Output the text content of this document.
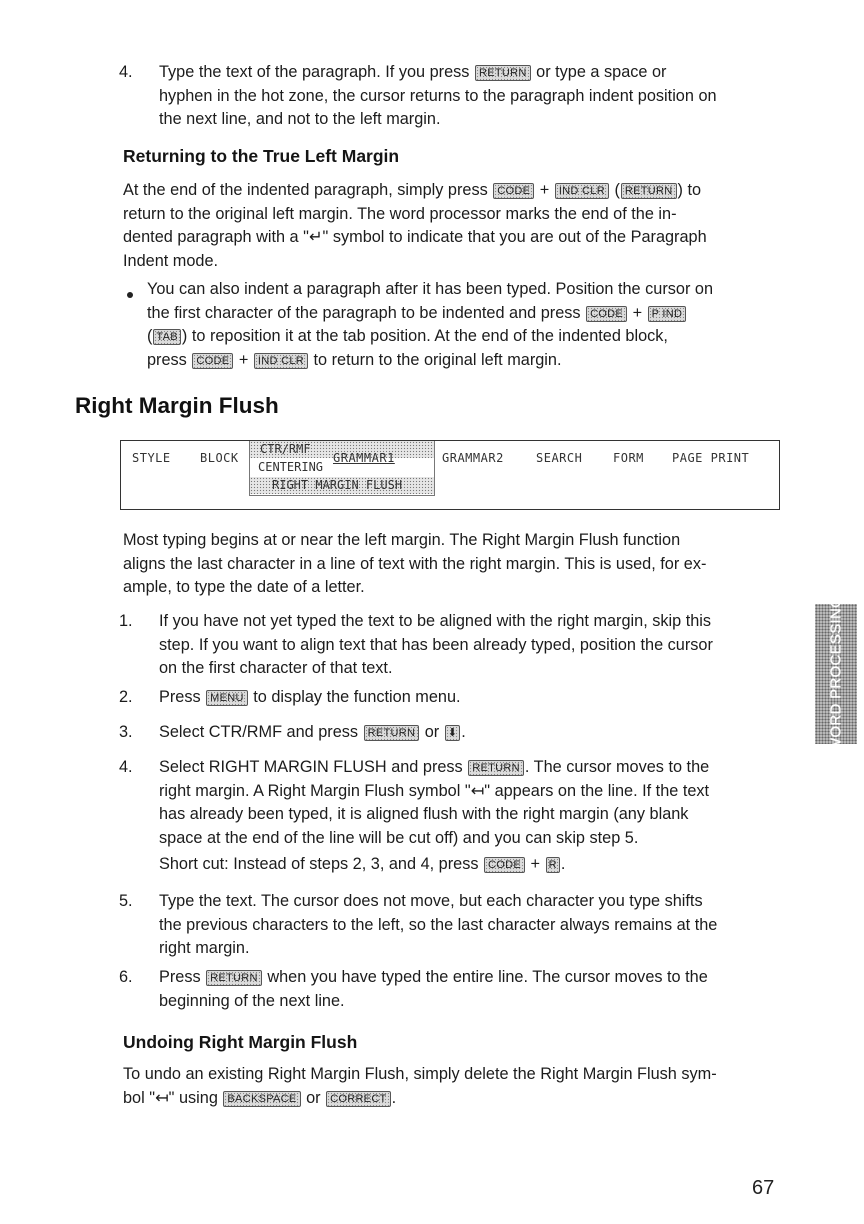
4. Type the text of the paragraph. If you press RETURN or type a space or
hyphen in the hot zone, the cursor returns to the paragraph indent position on
the next line, and not to the left margin.
Returning to the True Left Margin
At the end of the indented paragraph, simply press CODE + IND CLR ( RETURN ) to
return to the original left margin. The word processor marks the end of the in-
dented paragraph with a "↵" symbol to indicate that you are out of the Paragraph
Indent mode.
You can also indent a paragraph after it has been typed. Position the cursor on
the first character of the paragraph to be indented and press CODE + P IND
( TAB ) to reposition it at the tab position. At the end of the indented block,
press CODE + IND CLR to return to the original left margin.
Right Margin Flush
STYLE BLOCK
CTR/RMF
CENTERING
RIGHT MARGIN FLUSH
GRAMMAR1	GRAMMAR2	SEARCH	FORM PAGE PRINT
Most typing begins at or near the left margin. The Right Margin Flush function
aligns the last character in a line of text with the right margin. This is used, for ex-
ample, to type the date of a letter.
1. If you have not yet typed the text to be aligned with the right margin, skip this
step. If you want to align text that has been already typed, position the cursor
on the first character of that text.
2. Press MENU to display the function menu.
3. Select CTR/RMF and press RETURN or ⬇ .
4. Select RIGHT MARGIN FLUSH and press RETURN . The cursor moves to the
right margin. A Right Margin Flush symbol "↤" appears on the line. If the text
has already been typed, it is aligned flush with the right margin (any blank
space at the end of the line will be cut off) and you can skip step 5.
Short cut: Instead of steps 2, 3, and 4, press CODE + R .
5. Type the text. The cursor does not move, but each character you type shifts
the previous characters to the left, so the last character always remains at the
right margin.
6. Press RETURN when you have typed the entire line. The cursor moves to the
beginning of the next line.
Undoing Right Margin Flush
To undo an existing Right Margin Flush, simply delete the Right Margin Flush sym-
bol "↤" using BACKSPACE or CORRECT .
WORD PROCESSING
67
